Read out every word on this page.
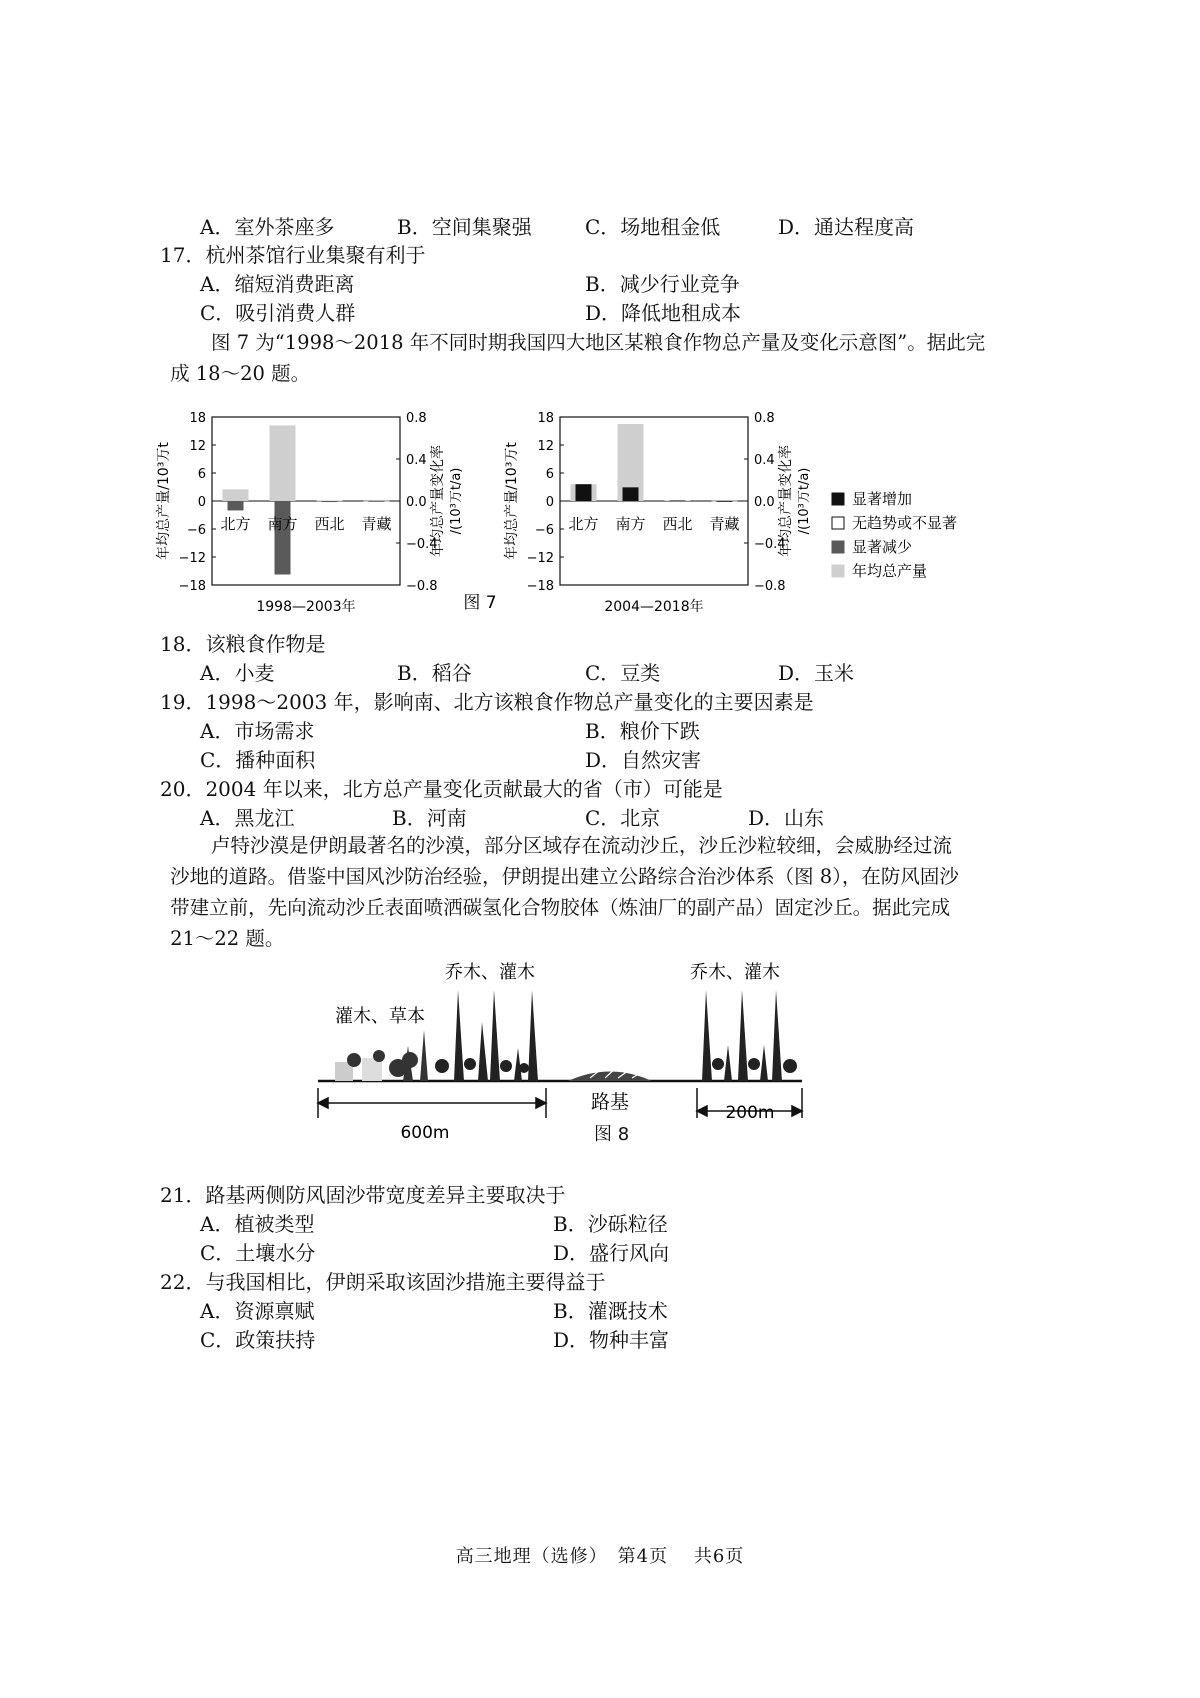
A．室外茶座多	B．空间集聚强	C．场地租金低	D．通达程度高
17．杭州茶馆行业集聚有利于
A．缩短消费距离	B．减少行业竞争
C．吸引消费人群	D．降低地租成本
图 7 为“1998～2018 年不同时期我国四大地区某粮食作物总产量及变化示意图”。据此完
成 18～20 题。
18
12
6
0
−6
−12
−18
0.8
0.4
0.0
−0.4
−0.8
年均总产量/10³万t	年均总产量变化率 /(10³万t/a)
北方 南方 西北 青藏
1998—2003年
18
12
6
0
−6
−12
−18
0.8
0.4
0.0
−0.4
−0.8
年均总产量/10³万t	年均总产量变化率 /(10³万t/a)
北方 南方 西北 青藏
2004—2018年
图 7
显著增加
无趋势或不显著
显著减少
年均总产量
18．该粮食作物是
A．小麦	B．稻谷	C．豆类	D．玉米
19．1998～2003 年，影响南、北方该粮食作物总产量变化的主要因素是
A．市场需求	B．粮价下跌
C．播种面积	D．自然灾害
20．2004 年以来，北方总产量变化贡献最大的省（市）可能是
A．黑龙江	B．河南	C．北京	D．山东
卢特沙漠是伊朗最著名的沙漠，部分区域存在流动沙丘，沙丘沙粒较细，会威胁经过流
沙地的道路。借鉴中国风沙防治经验，伊朗提出建立公路综合治沙体系（图 8），在防风固沙
带建立前，先向流动沙丘表面喷洒碳氢化合物胶体（炼油厂的副产品）固定沙丘。据此完成
21～22 题。
乔木、灌木	乔木、灌木
灌木、草本
600m
路基	200m
图 8
21．路基两侧防风固沙带宽度差异主要取决于
A．植被类型	B．沙砾粒径
C．土壤水分	D．盛行风向
22．与我国相比，伊朗采取该固沙措施主要得益于
A．资源禀赋	B．灌溉技术
C．政策扶持	D．物种丰富
高三地理（选修）　第4页　 共6页
